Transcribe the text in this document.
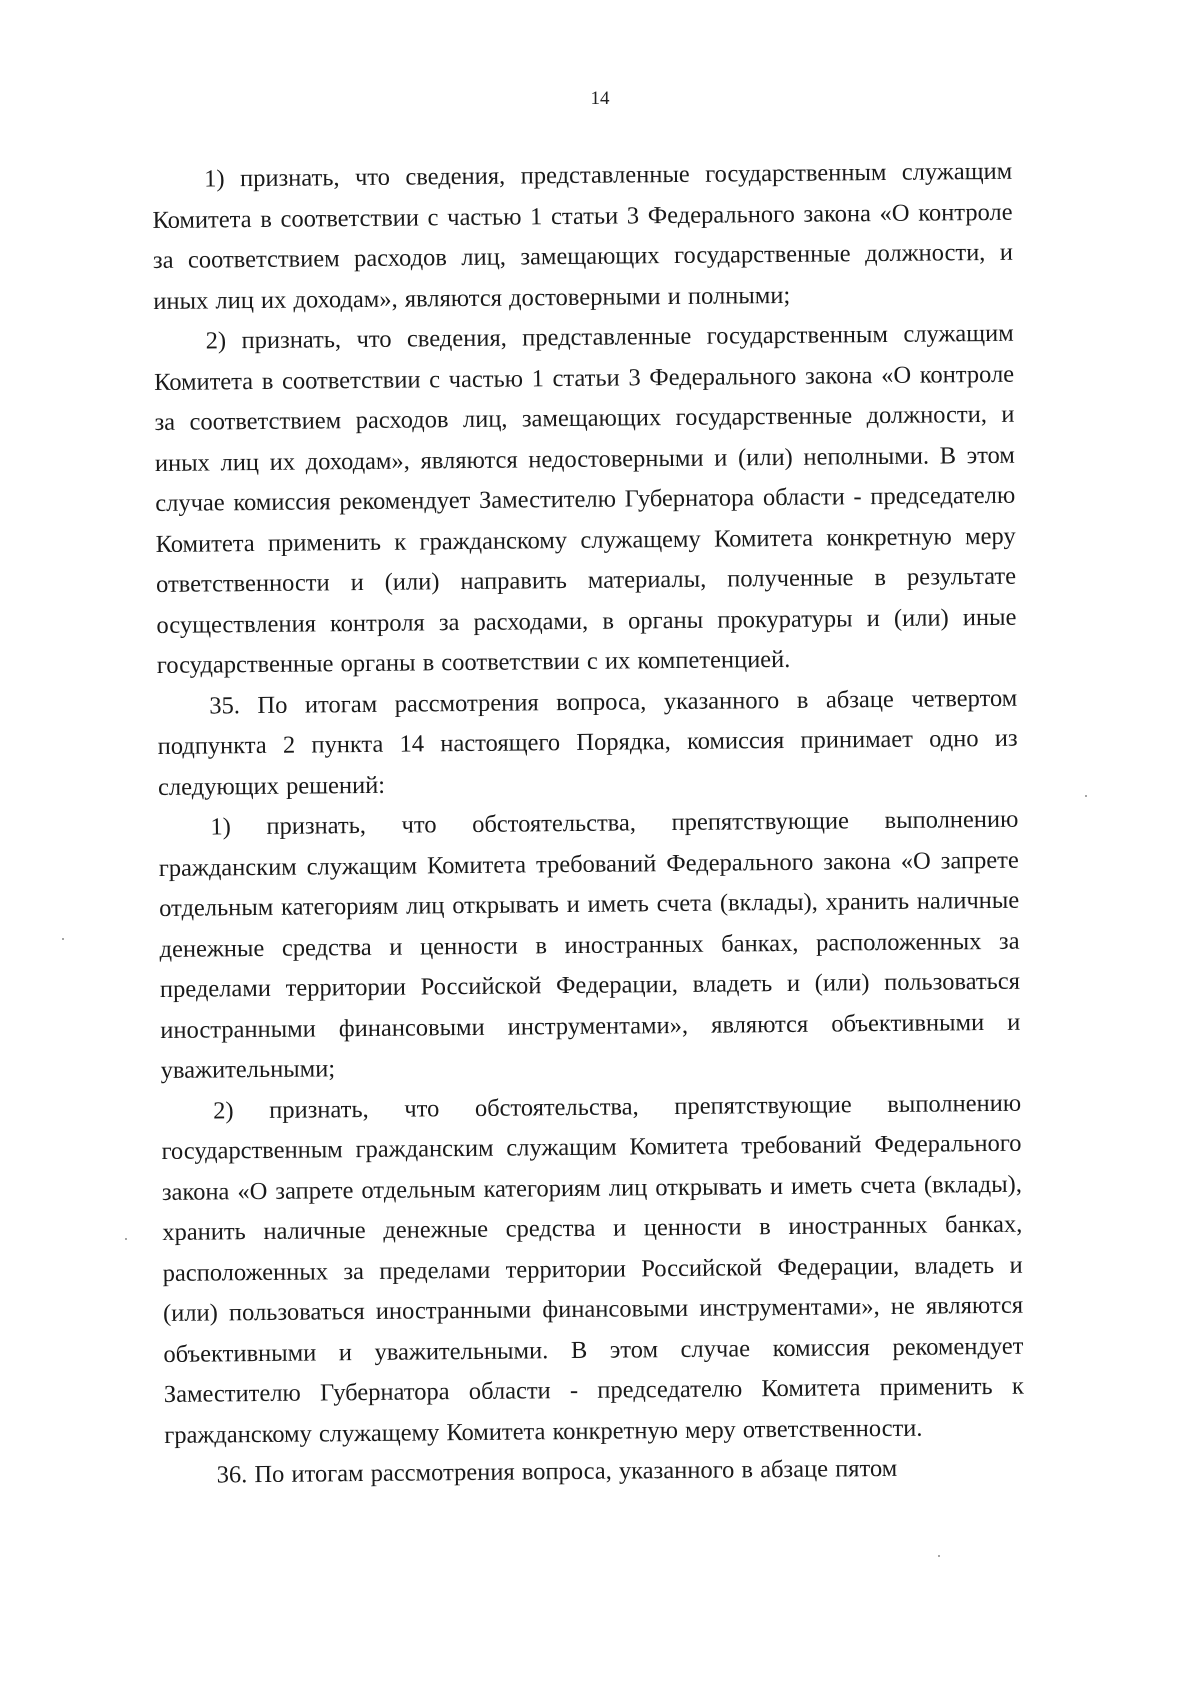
14

1) признать, что сведения, представленные государственным служащим Комитета в соответствии с частью 1 статьи 3 Федерального закона «О контроле за соответствием расходов лиц, замещающих государственные должности, и иных лиц их доходам», являются достоверными и полными;

2) признать, что сведения, представленные государственным служащим Комитета в соответствии с частью 1 статьи 3 Федерального закона «О контроле за соответствием расходов лиц, замещающих государственные должности, и иных лиц их доходам», являются недостоверными и (или) неполными. В этом случае комиссия рекомендует Заместителю Губернатора области - председателю Комитета применить к гражданскому служащему Комитета конкретную меру ответственности и (или) направить материалы, полученные в результате осуществления контроля за расходами, в органы прокуратуры и (или) иные государственные органы в соответствии с их компетенцией.

35. По итогам рассмотрения вопроса, указанного в абзаце четвертом подпункта 2 пункта 14 настоящего Порядка, комиссия принимает одно из следующих решений:

1) признать, что обстоятельства, препятствующие выполнению гражданским служащим Комитета требований Федерального закона «О запрете отдельным категориям лиц открывать и иметь счета (вклады), хранить наличные денежные средства и ценности в иностранных банках, расположенных за пределами территории Российской Федерации, владеть и (или) пользоваться иностранными финансовыми инструментами», являются объективными и уважительными;

2) признать, что обстоятельства, препятствующие выполнению государственным гражданским служащим Комитета требований Федерального закона «О запрете отдельным категориям лиц открывать и иметь счета (вклады), хранить наличные денежные средства и ценности в иностранных банках, расположенных за пределами территории Российской Федерации, владеть и (или) пользоваться иностранными финансовыми инструментами», не являются объективными и уважительными. В этом случае комиссия рекомендует Заместителю Губернатора области - председателю Комитета применить к гражданскому служащему Комитета конкретную меру ответственности.

36. По итогам рассмотрения вопроса, указанного в абзаце пятом
